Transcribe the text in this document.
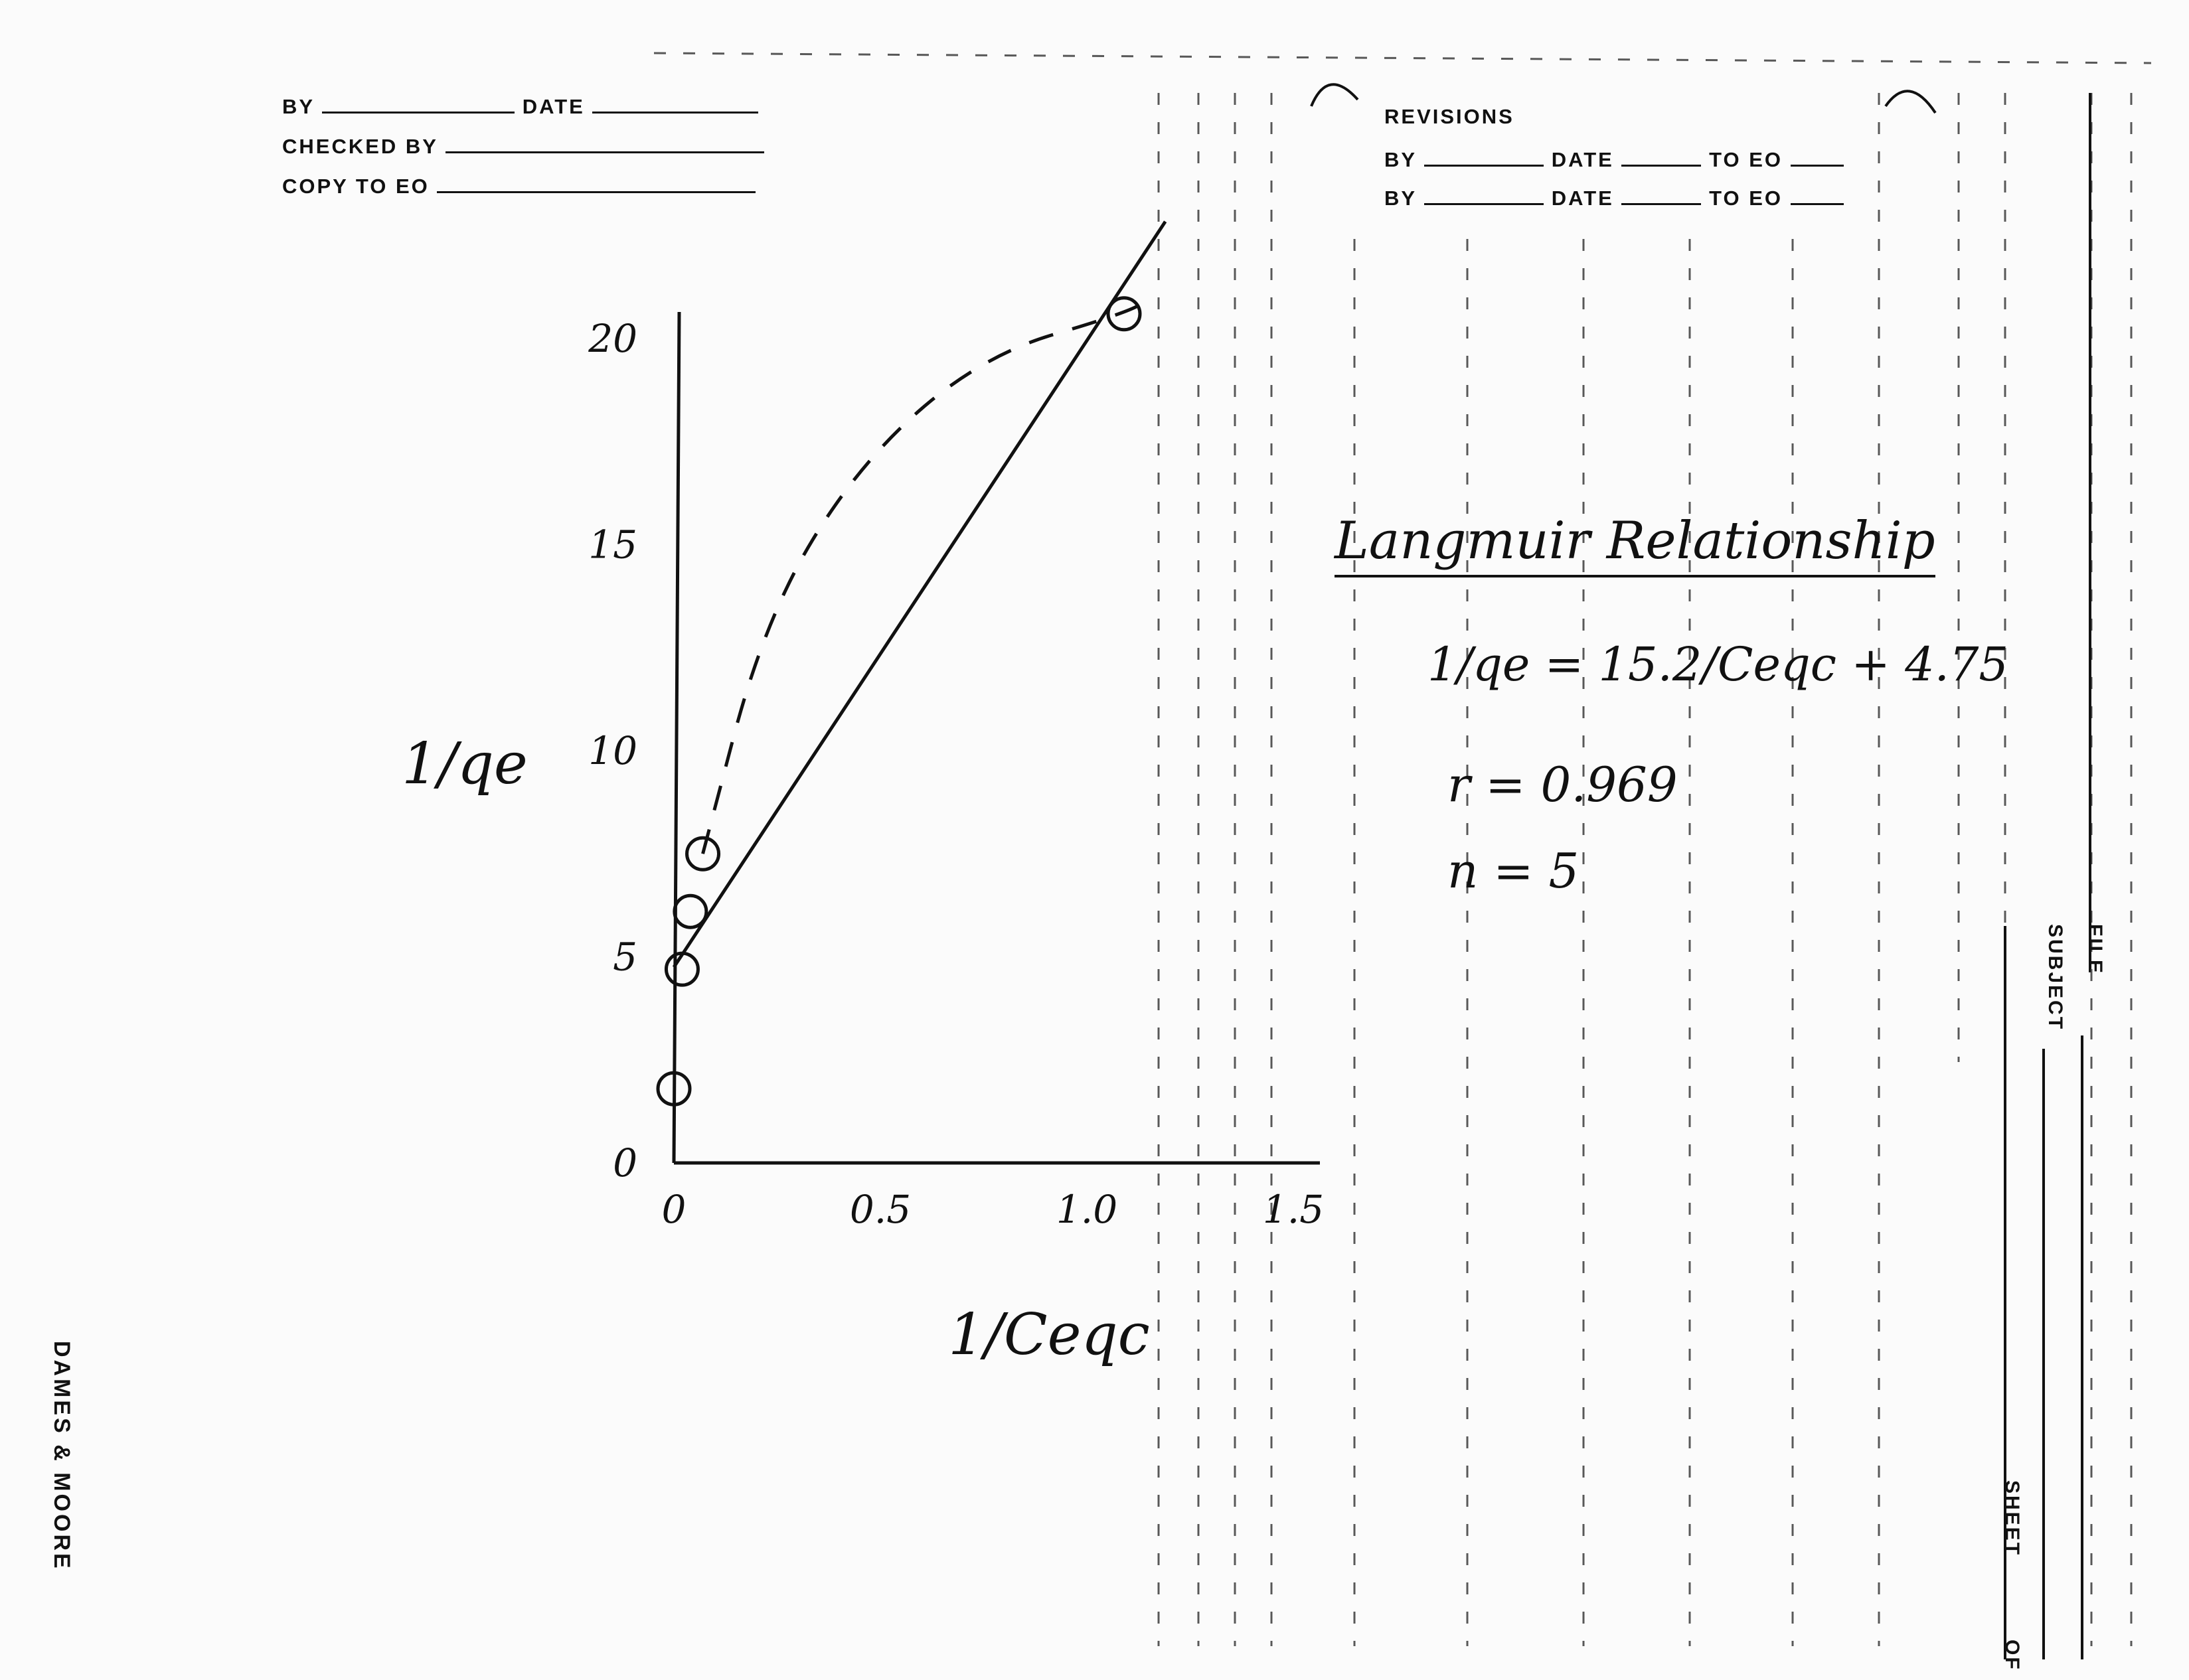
BY	DATE
CHECKED BY
COPY TO EO
REVISIONS
BY	DATE	TO EO
BY	DATE	TO EO
FILE
SUBJECT
SHEET
OF
DAMES & MOORE
0	0.5	1.0	1.5
0
5
10
15
20
1/Ceqc
1/qe
Langmuir Relationship
1/qe = 15.2/Ceqc + 4.75
r = 0.969
n = 5
